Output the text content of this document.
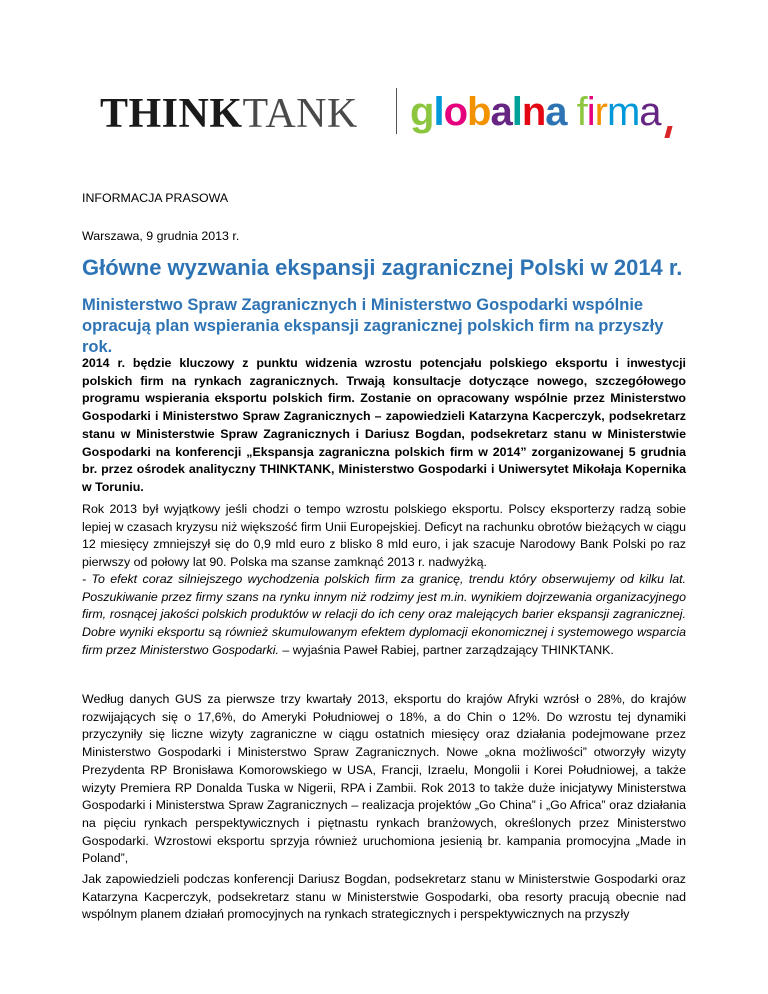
THINKTANK globalna firma
INFORMACJA PRASOWA
Warszawa, 9 grudnia 2013 r.
Główne wyzwania ekspansji zagranicznej Polski w 2014 r.
Ministerstwo Spraw Zagranicznych i Ministerstwo Gospodarki wspólnie opracują plan wspierania ekspansji zagranicznej polskich firm na przyszły rok.
2014 r. będzie kluczowy z punktu widzenia wzrostu potencjału polskiego eksportu i inwestycji polskich firm na rynkach zagranicznych. Trwają konsultacje dotyczące nowego, szczegółowego programu wspierania eksportu polskich firm. Zostanie on opracowany wspólnie przez Ministerstwo Gospodarki i Ministerstwo Spraw Zagranicznych – zapowiedzieli Katarzyna Kacperczyk, podsekretarz stanu w Ministerstwie Spraw Zagranicznych i Dariusz Bogdan, podsekretarz stanu w Ministerstwie Gospodarki na konferencji „Ekspansja zagraniczna polskich firm w 2014” zorganizowanej 5 grudnia br. przez ośrodek analityczny THINKTANK, Ministerstwo Gospodarki i Uniwersytet Mikołaja Kopernika w Toruniu.
Rok 2013 był wyjątkowy jeśli chodzi o tempo wzrostu polskiego eksportu. Polscy eksporterzy radzą sobie lepiej w czasach kryzysu niż większość firm Unii Europejskiej. Deficyt na rachunku obrotów bieżących w ciągu 12 miesięcy zmniejszył się do 0,9 mld euro z blisko 8 mld euro, i jak szacuje Narodowy Bank Polski po raz pierwszy od połowy lat 90. Polska ma szanse zamknąć 2013 r. nadwyżką.
- To efekt coraz silniejszego wychodzenia polskich firm za granicę, trendu który obserwujemy od kilku lat. Poszukiwanie przez firmy szans na rynku innym niż rodzimy jest m.in. wynikiem dojrzewania organizacyjnego firm, rosnącej jakości polskich produktów w relacji do ich ceny oraz malejących barier ekspansji zagranicznej. Dobre wyniki eksportu są również skumulowanym efektem dyplomacji ekonomicznej i systemowego wsparcia firm przez Ministerstwo Gospodarki. – wyjaśnia Paweł Rabiej, partner zarządzający THINKTANK.
Według danych GUS za pierwsze trzy kwartały 2013, eksportu do krajów Afryki wzrósł o 28%, do krajów rozwijających się o 17,6%, do Ameryki Południowej o 18%, a do Chin o 12%. Do wzrostu tej dynamiki przyczyniły się liczne wizyty zagraniczne w ciągu ostatnich miesięcy oraz działania podejmowane przez Ministerstwo Gospodarki i Ministerstwo Spraw Zagranicznych. Nowe „okna możliwości” otworzyły wizyty Prezydenta RP Bronisława Komorowskiego w USA, Francji, Izraelu, Mongolii i Korei Południowej, a także wizyty Premiera RP Donalda Tuska w Nigerii, RPA i Zambii. Rok 2013 to także duże inicjatywy Ministerstwa Gospodarki i Ministerstwa Spraw Zagranicznych – realizacja projektów „Go China” i „Go Africa” oraz działania na pięciu rynkach perspektywicznych i piętnastu rynkach branżowych, określonych przez Ministerstwo Gospodarki. Wzrostowi eksportu sprzyja również uruchomiona jesienią br. kampania promocyjna „Made in Poland”,
Jak zapowiedzieli podczas konferencji Dariusz Bogdan, podsekretarz stanu w Ministerstwie Gospodarki oraz Katarzyna Kacperczyk, podsekretarz stanu w Ministerstwie Gospodarki, oba resorty pracują obecnie nad wspólnym planem działań promocyjnych na rynkach strategicznych i perspektywicznych na przyszły
